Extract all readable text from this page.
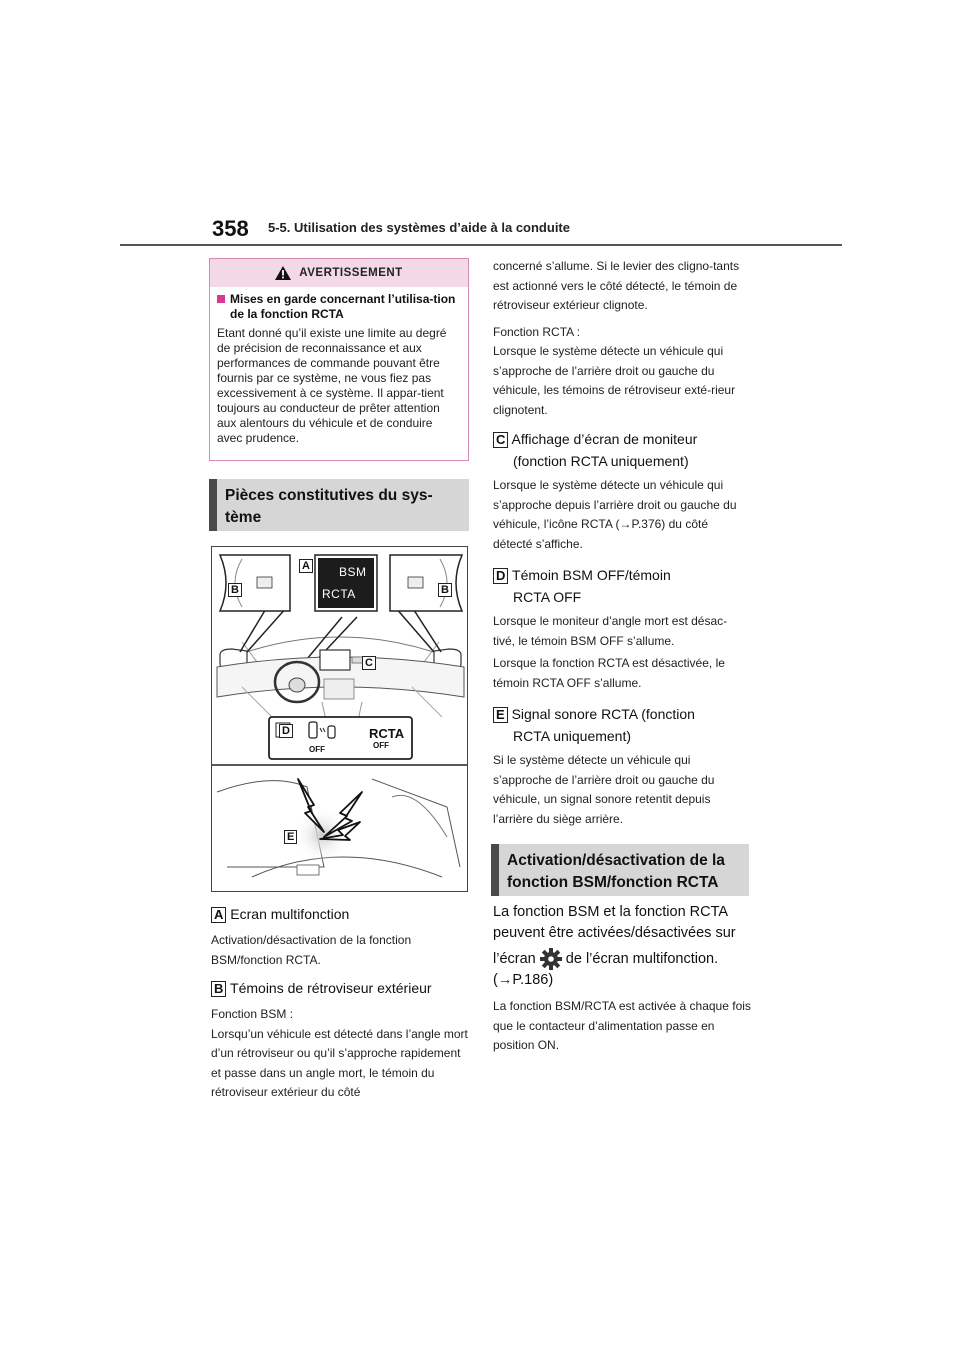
358 5-5. Utilisation des systèmes d’aide à la conduite
AVERTISSEMENT
Mises en garde concernant l’utilisa-tion de la fonction RCTA
Etant donné qu’il existe une limite au degré de précision de reconnaissance et aux performances de commande pouvant être fournis par ce système, ne vous fiez pas excessivement à ce système. Il appar-tient toujours au conducteur de prêter attention aux alentours du véhicule et de conduire avec prudence.
Pièces constitutives du sys-tème
BSM
RCTA
RCTA
OFF
OFF
A
B	B
C
D
E
A Ecran multifonction
Activation/désactivation de la fonction BSM/fonction RCTA.
B Témoins de rétroviseur extérieur
Fonction BSM :
Lorsqu’un véhicule est détecté dans l’angle mort d’un rétroviseur ou qu’il s’approche rapidement et passe dans un angle mort, le témoin du rétroviseur extérieur du côté
concerné s’allume. Si le levier des cligno-tants est actionné vers le côté détecté, le témoin de rétroviseur extérieur clignote.
Fonction RCTA :
Lorsque le système détecte un véhicule qui s’approche de l’arrière droit ou gauche du véhicule, les témoins de rétroviseur exté-rieur clignotent.
C Affichage d’écran de moniteur
(fonction RCTA uniquement)
Lorsque le système détecte un véhicule qui s’approche depuis l’arrière droit ou gauche du véhicule, l’icône RCTA (→P.376) du côté détecté s’affiche.
D Témoin BSM OFF/témoin
RCTA OFF
Lorsque le moniteur d’angle mort est désac-tivé, le témoin BSM OFF s’allume.
Lorsque la fonction RCTA est désactivée, le témoin RCTA OFF s’allume.
E Signal sonore RCTA (fonction
RCTA uniquement)
Si le système détecte un véhicule qui s’approche de l’arrière droit ou gauche du véhicule, un signal sonore retentit depuis l’arrière du siège arrière.
Activation/désactivation de la fonction BSM/fonction RCTA
La fonction BSM et la fonction RCTA
peuvent être activées/désactivées sur
l’écran de l’écran multifonction.
(→P.186)
La fonction BSM/RCTA est activée à chaque fois que le contacteur d’alimentation passe en position ON.
